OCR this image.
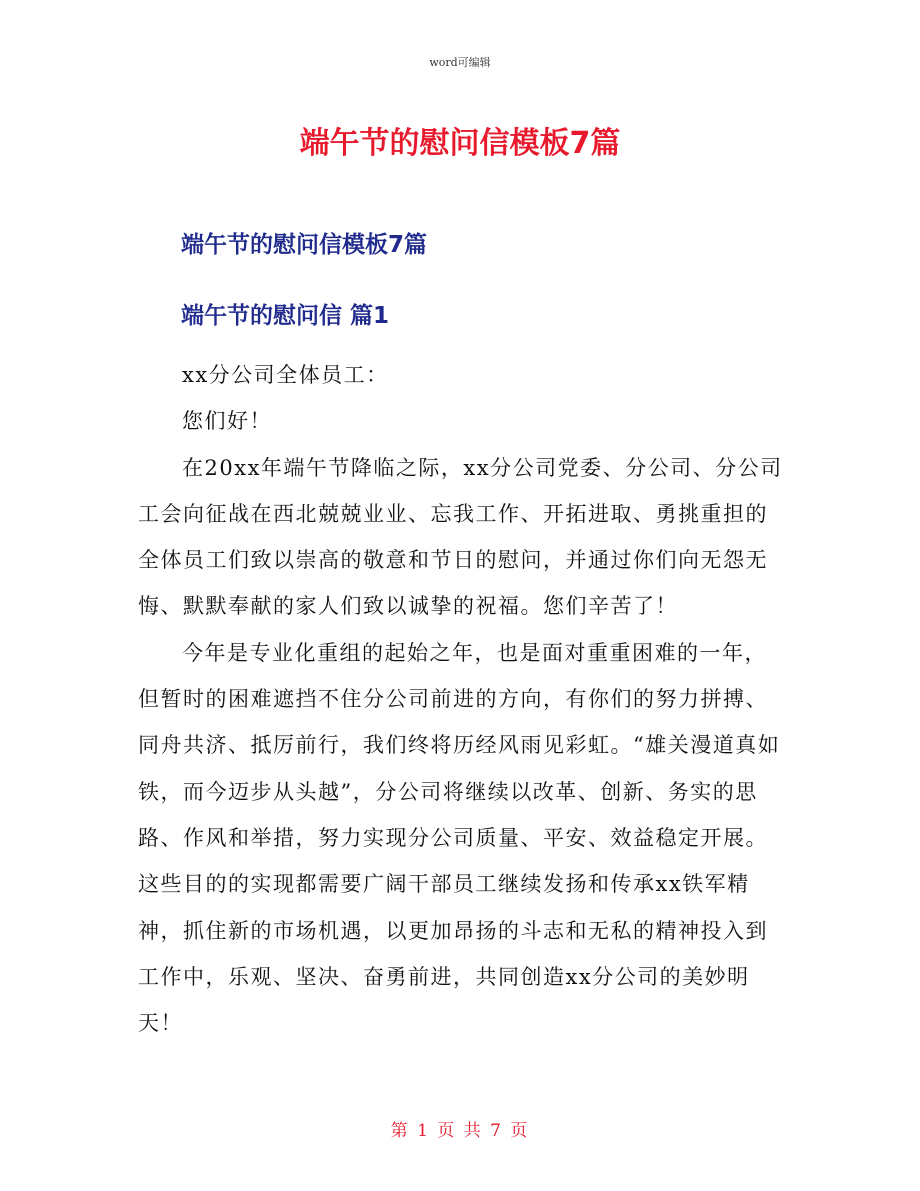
word可编辑
端午节的慰问信模板7篇
端午节的慰问信模板7篇
端午节的慰问信 篇1

xx分公司全体员工：

您们好！

在20xx年端午节降临之际，xx分公司党委、分公司、分公司工会向征战在西北兢兢业业、忘我工作、开拓进取、勇挑重担的全体员工们致以崇高的敬意和节日的慰问，并通过你们向无怨无悔、默默奉献的家人们致以诚挚的祝福。您们辛苦了！

今年是专业化重组的起始之年，也是面对重重困难的一年，但暂时的困难遮挡不住分公司前进的方向，有你们的努力拼搏、同舟共济、抵厉前行，我们终将历经风雨见彩虹。“雄关漫道真如铁，而今迈步从头越”，分公司将继续以改革、创新、务实的思路、作风和举措，努力实现分公司质量、平安、效益稳定开展。这些目的的实现都需要广阔干部员工继续发扬和传承xx铁军精神，抓住新的市场机遇，以更加昂扬的斗志和无私的精神投入到工作中，乐观、坚决、奋勇前进，共同创造xx分公司的美妙明天！

第 1 页 共 7 页
